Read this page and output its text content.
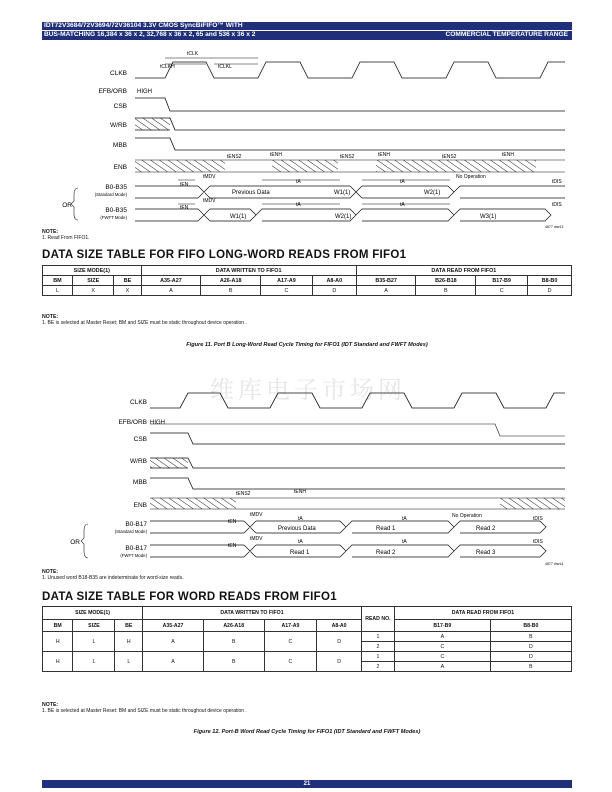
IDT72V3684/72V3694/72V36104 3.3V CMOS SyncBiFIFO™ WITH
BUS-MATCHING 16,384 x 36 x 2, 32,768 x 36 x 2, 65 and 536 x 36 x 2	COMMERCIAL TEMPERATURE RANGE
维库电子市场网
CLKB
EFB/ORB
CSB
W/RB
MBB
ENB
B0-B35
(Standard Mode)
B0-B35
(FWFT Mode)
OR
HIGH
Previous Data	W1(1)	W2(1)
W1(1)	W2(1)	W3(1)
tCLK
tCLKH	tCLKL
tENS2	tENH	tENS2	tENH	tENS2	tENH
tMDV
tEN	tA	tA	tDIS
tMDV
tEN	tA	tA	tDIS
No Operation
4677 drw13
NOTE:
1. Read From FIFO1.
DATA SIZE TABLE FOR FIFO LONG-WORD READS FROM FIFO1
SIZE MODE(1)			DATA WRITTEN TO FIFO1				DATA READ FROM FIFO1			
BM	SIZE	BE	A35-A27	A26-A18	A17-A9	A8-A0	B35-B27	B26-B18	B17-B9	B8-B0
L	X	X	A	B	C	D	A	B	C	D
NOTE:
1. BE is selected at Master Reset; BM and SIZE must be static throughout device operation .
Figure 11. Port B Long-Word Read Cycle Timing for FIFO1 (IDT Standard and FWFT Modes)
CLKB
EFB/ORB
CSB
W/RB
MBB
ENB
B0-B17
(Standard Mode)
B0-B17
(FWFT Mode)
OR
HIGH
Previous Data	Read 1	Read 2
Read 1	Read 2	Read 3
tENS2	tENH
tMDV
tEN	tA	tA	tDIS
tMDV
tEN
tA	tA	tDIS
No Operation
4677 drw14
NOTE:
1. Unused word B18-B35 are indeterminate for word-size reads.
DATA SIZE TABLE FOR WORD READS FROM FIFO1
SIZE MODE(1)			DATA WRITTEN TO FIFO1				READ NO.	DATA READ FROM FIFO1	
BM	SIZE	BE	A35-A27	A26-A18	A17-A9	A8-A0		B17-B9	B8-B0
H	L	H	A	B	C	D	1	A	B
							2	C	D
H	L	L	A	B	C	D	1	C	D
							2	A	B
NOTE:
1. BE is selected at Master Reset: BM and SIZE must be static throughout device operation .
Figure 12. Port-B Word Read Cycle Timing for FIFO1 (IDT Standard and FWFT Modes)
21
